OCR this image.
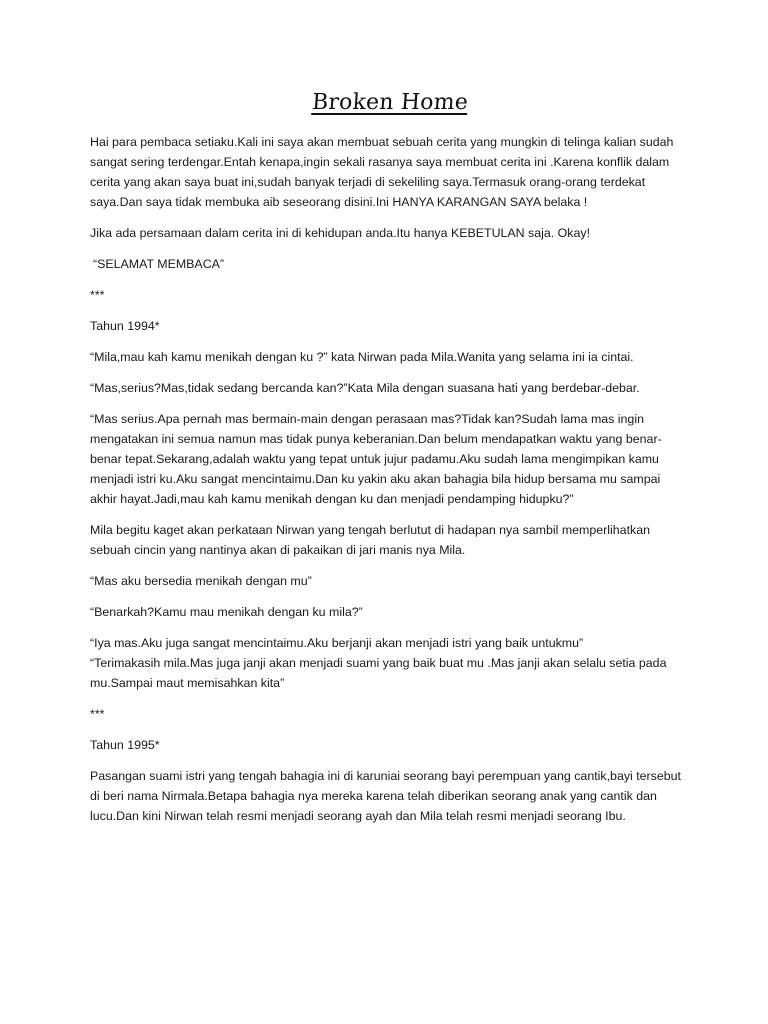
Broken Home

Hai para pembaca setiaku.Kali ini saya akan membuat sebuah cerita yang mungkin di telinga kalian sudah sangat sering terdengar.Entah kenapa,ingin sekali rasanya saya membuat cerita ini .Karena konflik dalam cerita yang akan saya buat ini,sudah banyak terjadi di sekeliling saya.Termasuk orang-orang terdekat saya.Dan saya tidak membuka aib seseorang disini.Ini HANYA KARANGAN SAYA belaka !

Jika ada persamaan dalam cerita ini di kehidupan anda.Itu hanya KEBETULAN saja. Okay!

“SELAMAT MEMBACA”

***

Tahun 1994*

“Mila,mau kah kamu menikah dengan ku ?” kata Nirwan pada Mila.Wanita yang selama ini ia cintai.

“Mas,serius?Mas,tidak sedang bercanda kan?”Kata Mila dengan suasana hati yang berdebar-debar.

“Mas serius.Apa pernah mas bermain-main dengan perasaan mas?Tidak kan?Sudah lama mas ingin mengatakan ini semua namun mas tidak punya keberanian.Dan belum mendapatkan waktu yang benar-benar tepat.Sekarang,adalah waktu yang tepat untuk jujur padamu.Aku sudah lama mengimpikan kamu menjadi istri ku.Aku sangat mencintaimu.Dan ku yakin aku akan bahagia bila hidup bersama mu sampai akhir hayat.Jadi,mau kah kamu menikah dengan ku dan menjadi pendamping hidupku?”

Mila begitu kaget akan perkataan Nirwan yang tengah berlutut di hadapan nya sambil memperlihatkan sebuah cincin yang nantinya akan di pakaikan di jari manis nya Mila.

“Mas aku bersedia menikah dengan mu”

“Benarkah?Kamu mau menikah dengan ku mila?”

“Iya mas.Aku juga sangat mencintaimu.Aku berjanji akan menjadi istri yang baik untukmu”

“Terimakasih mila.Mas juga janji akan menjadi suami yang baik buat mu .Mas janji akan selalu setia pada mu.Sampai maut memisahkan kita”

***

Tahun 1995*

Pasangan suami istri yang tengah bahagia ini di karuniai seorang bayi perempuan yang cantik,bayi tersebut di beri nama Nirmala.Betapa bahagia nya mereka karena telah diberikan seorang anak yang cantik dan lucu.Dan kini Nirwan telah resmi menjadi seorang ayah dan Mila telah resmi menjadi seorang Ibu.
